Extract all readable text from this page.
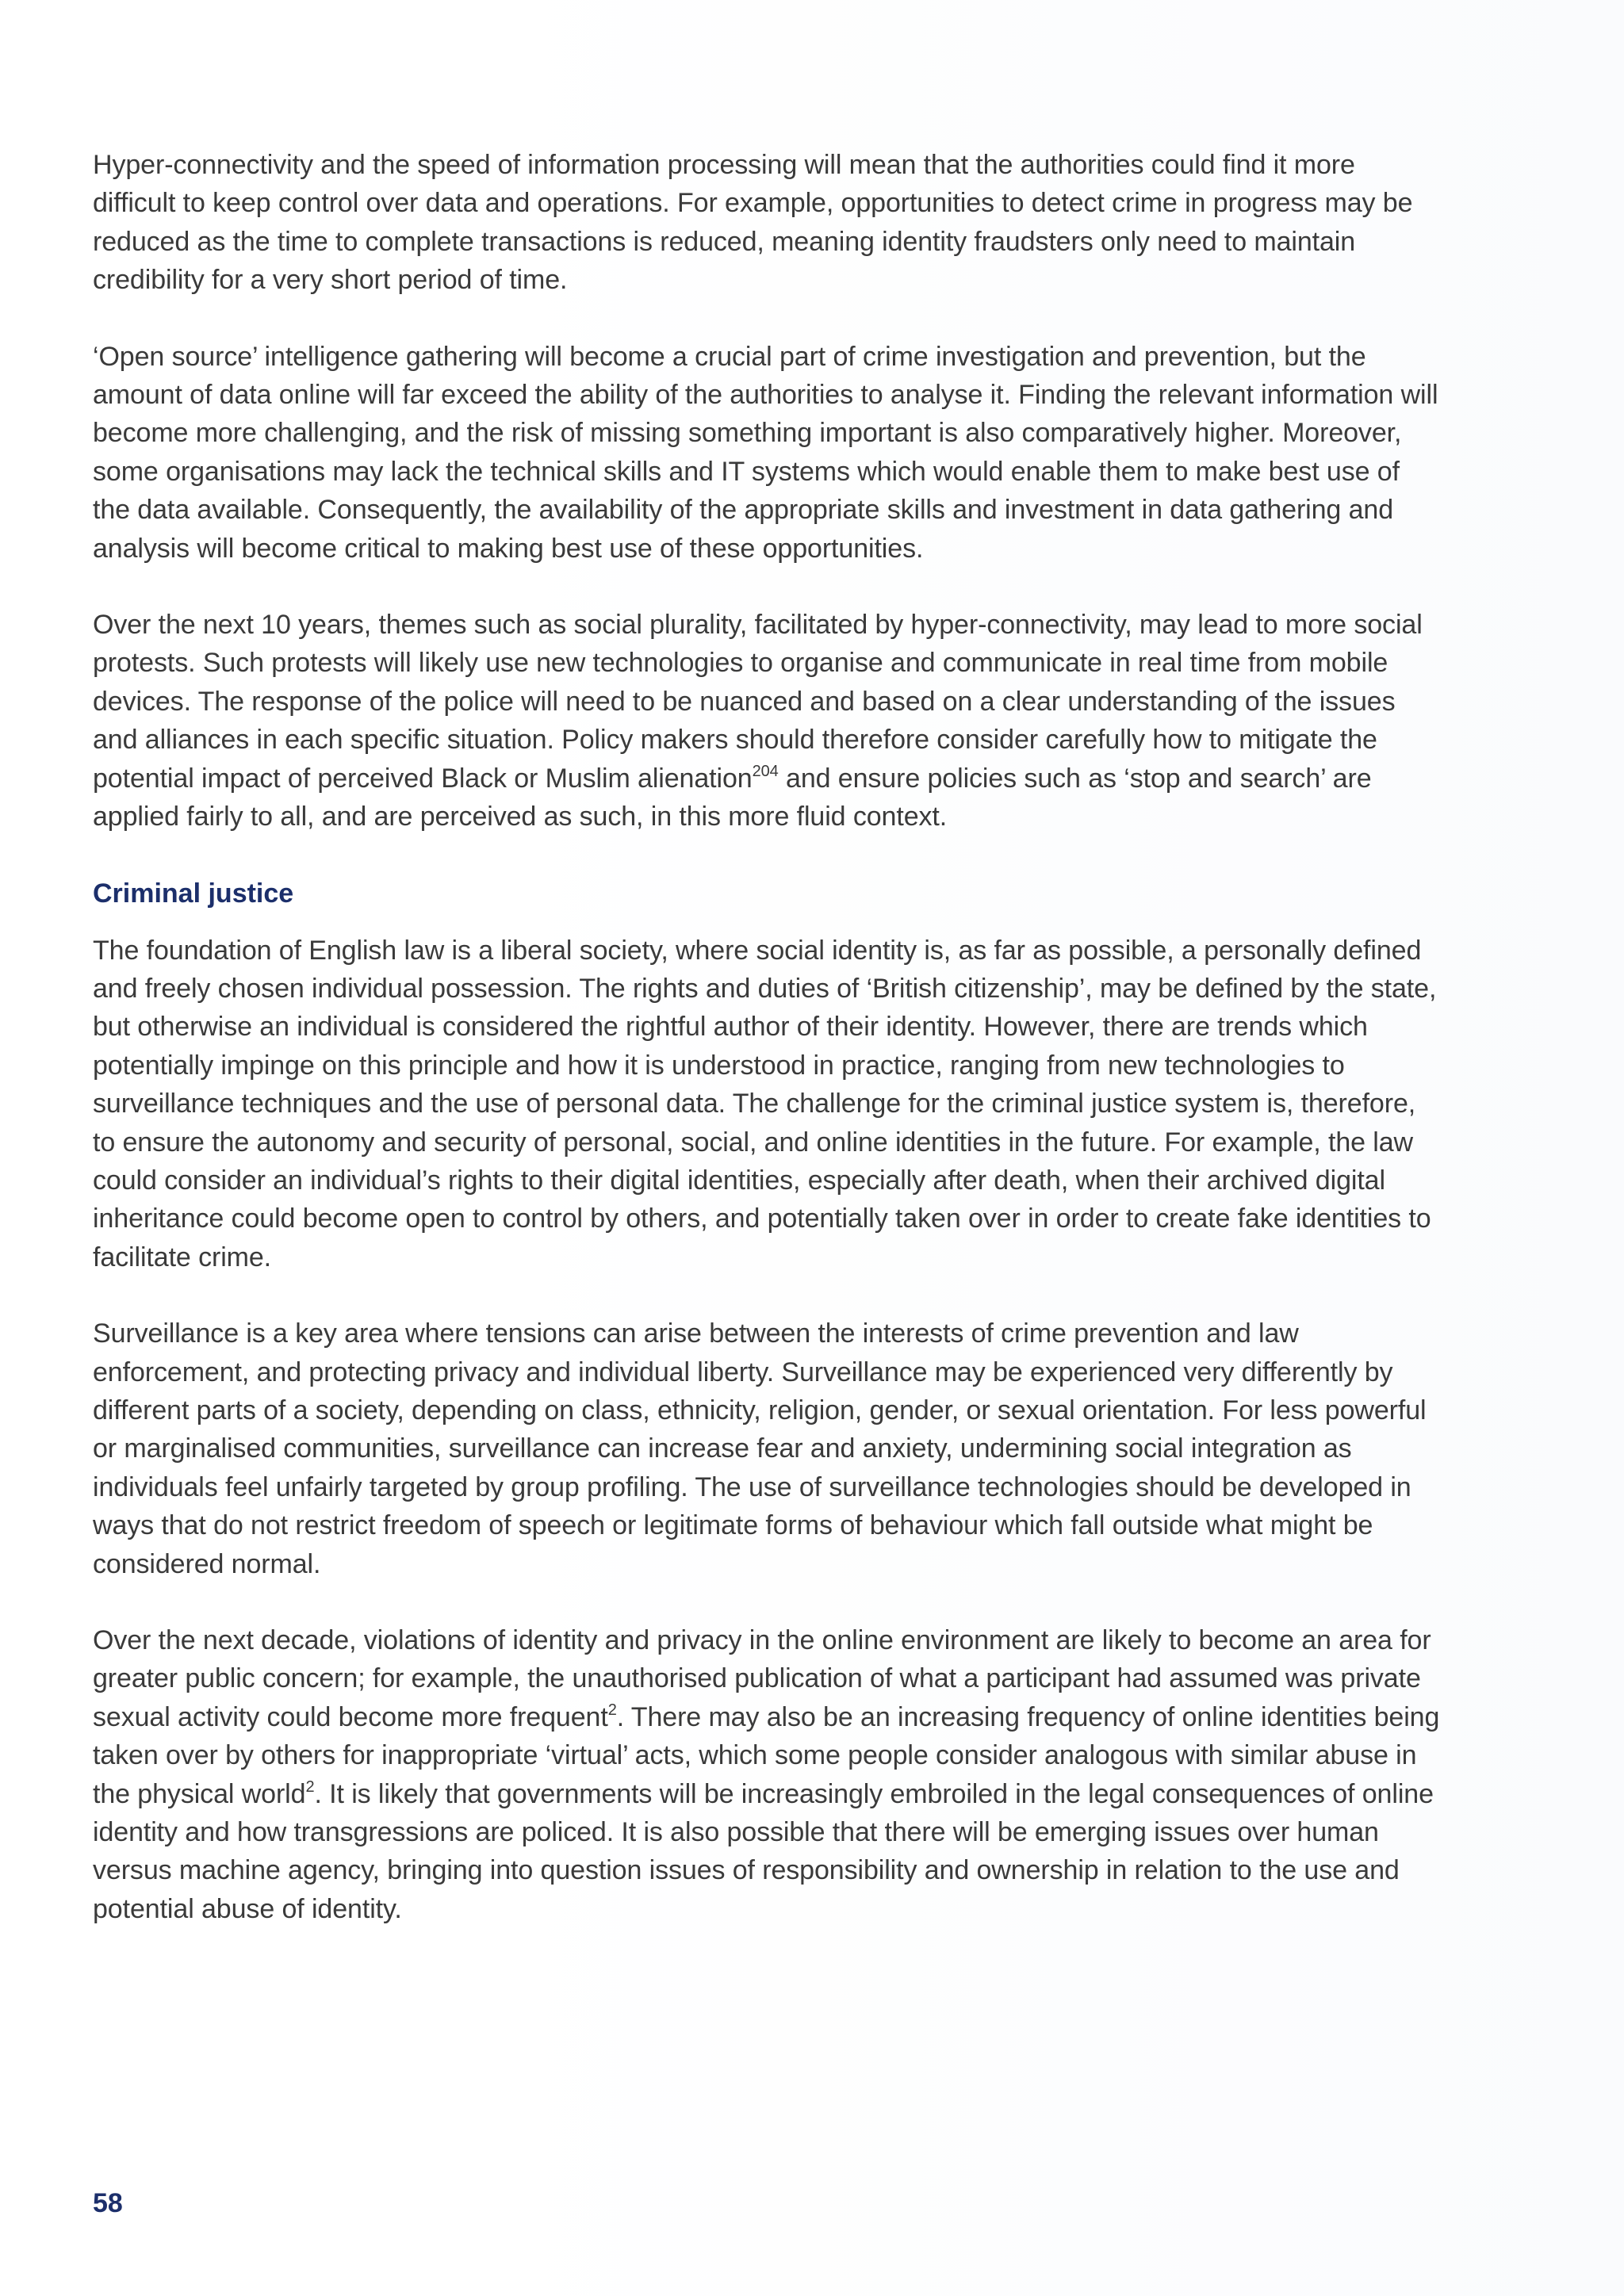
Hyper-connectivity and the speed of information processing will mean that the authorities could find it more difficult to keep control over data and operations. For example, opportunities to detect crime in progress may be reduced as the time to complete transactions is reduced, meaning identity fraudsters only need to maintain credibility for a very short period of time.

‘Open source’ intelligence gathering will become a crucial part of crime investigation and prevention, but the amount of data online will far exceed the ability of the authorities to analyse it. Finding the relevant information will become more challenging, and the risk of missing something important is also comparatively higher. Moreover, some organisations may lack the technical skills and IT systems which would enable them to make best use of the data available. Consequently, the availability of the appropriate skills and investment in data gathering and analysis will become critical to making best use of these opportunities.

Over the next 10 years, themes such as social plurality, facilitated by hyper-connectivity, may lead to more social protests. Such protests will likely use new technologies to organise and communicate in real time from mobile devices. The response of the police will need to be nuanced and based on a clear understanding of the issues and alliances in each specific situation. Policy makers should therefore consider carefully how to mitigate the potential impact of perceived Black or Muslim alienation$^{204}$ and ensure policies such as ‘stop and search’ are applied fairly to all, and are perceived as such, in this more fluid context.

Criminal justice

The foundation of English law is a liberal society, where social identity is, as far as possible, a personally defined and freely chosen individual possession. The rights and duties of ‘British citizenship’, may be defined by the state, but otherwise an individual is considered the rightful author of their identity. However, there are trends which potentially impinge on this principle and how it is understood in practice, ranging from new technologies to surveillance techniques and the use of personal data. The challenge for the criminal justice system is, therefore, to ensure the autonomy and security of personal, social, and online identities in the future. For example, the law could consider an individual’s rights to their digital identities, especially after death, when their archived digital inheritance could become open to control by others, and potentially taken over in order to create fake identities to facilitate crime.

Surveillance is a key area where tensions can arise between the interests of crime prevention and law enforcement, and protecting privacy and individual liberty. Surveillance may be experienced very differently by different parts of a society, depending on class, ethnicity, religion, gender, or sexual orientation. For less powerful or marginalised communities, surveillance can increase fear and anxiety, undermining social integration as individuals feel unfairly targeted by group profiling. The use of surveillance technologies should be developed in ways that do not restrict freedom of speech or legitimate forms of behaviour which fall outside what might be considered normal.

Over the next decade, violations of identity and privacy in the online environment are likely to become an area for greater public concern; for example, the unauthorised publication of what a participant had assumed was private sexual activity could become more frequent$^2$. There may also be an increasing frequency of online identities being taken over by others for inappropriate ‘virtual’ acts, which some people consider analogous with similar abuse in the physical world$^2$. It is likely that governments will be increasingly embroiled in the legal consequences of online identity and how transgressions are policed. It is also possible that there will be emerging issues over human versus machine agency, bringing into question issues of responsibility and ownership in relation to the use and potential abuse of identity.

58
